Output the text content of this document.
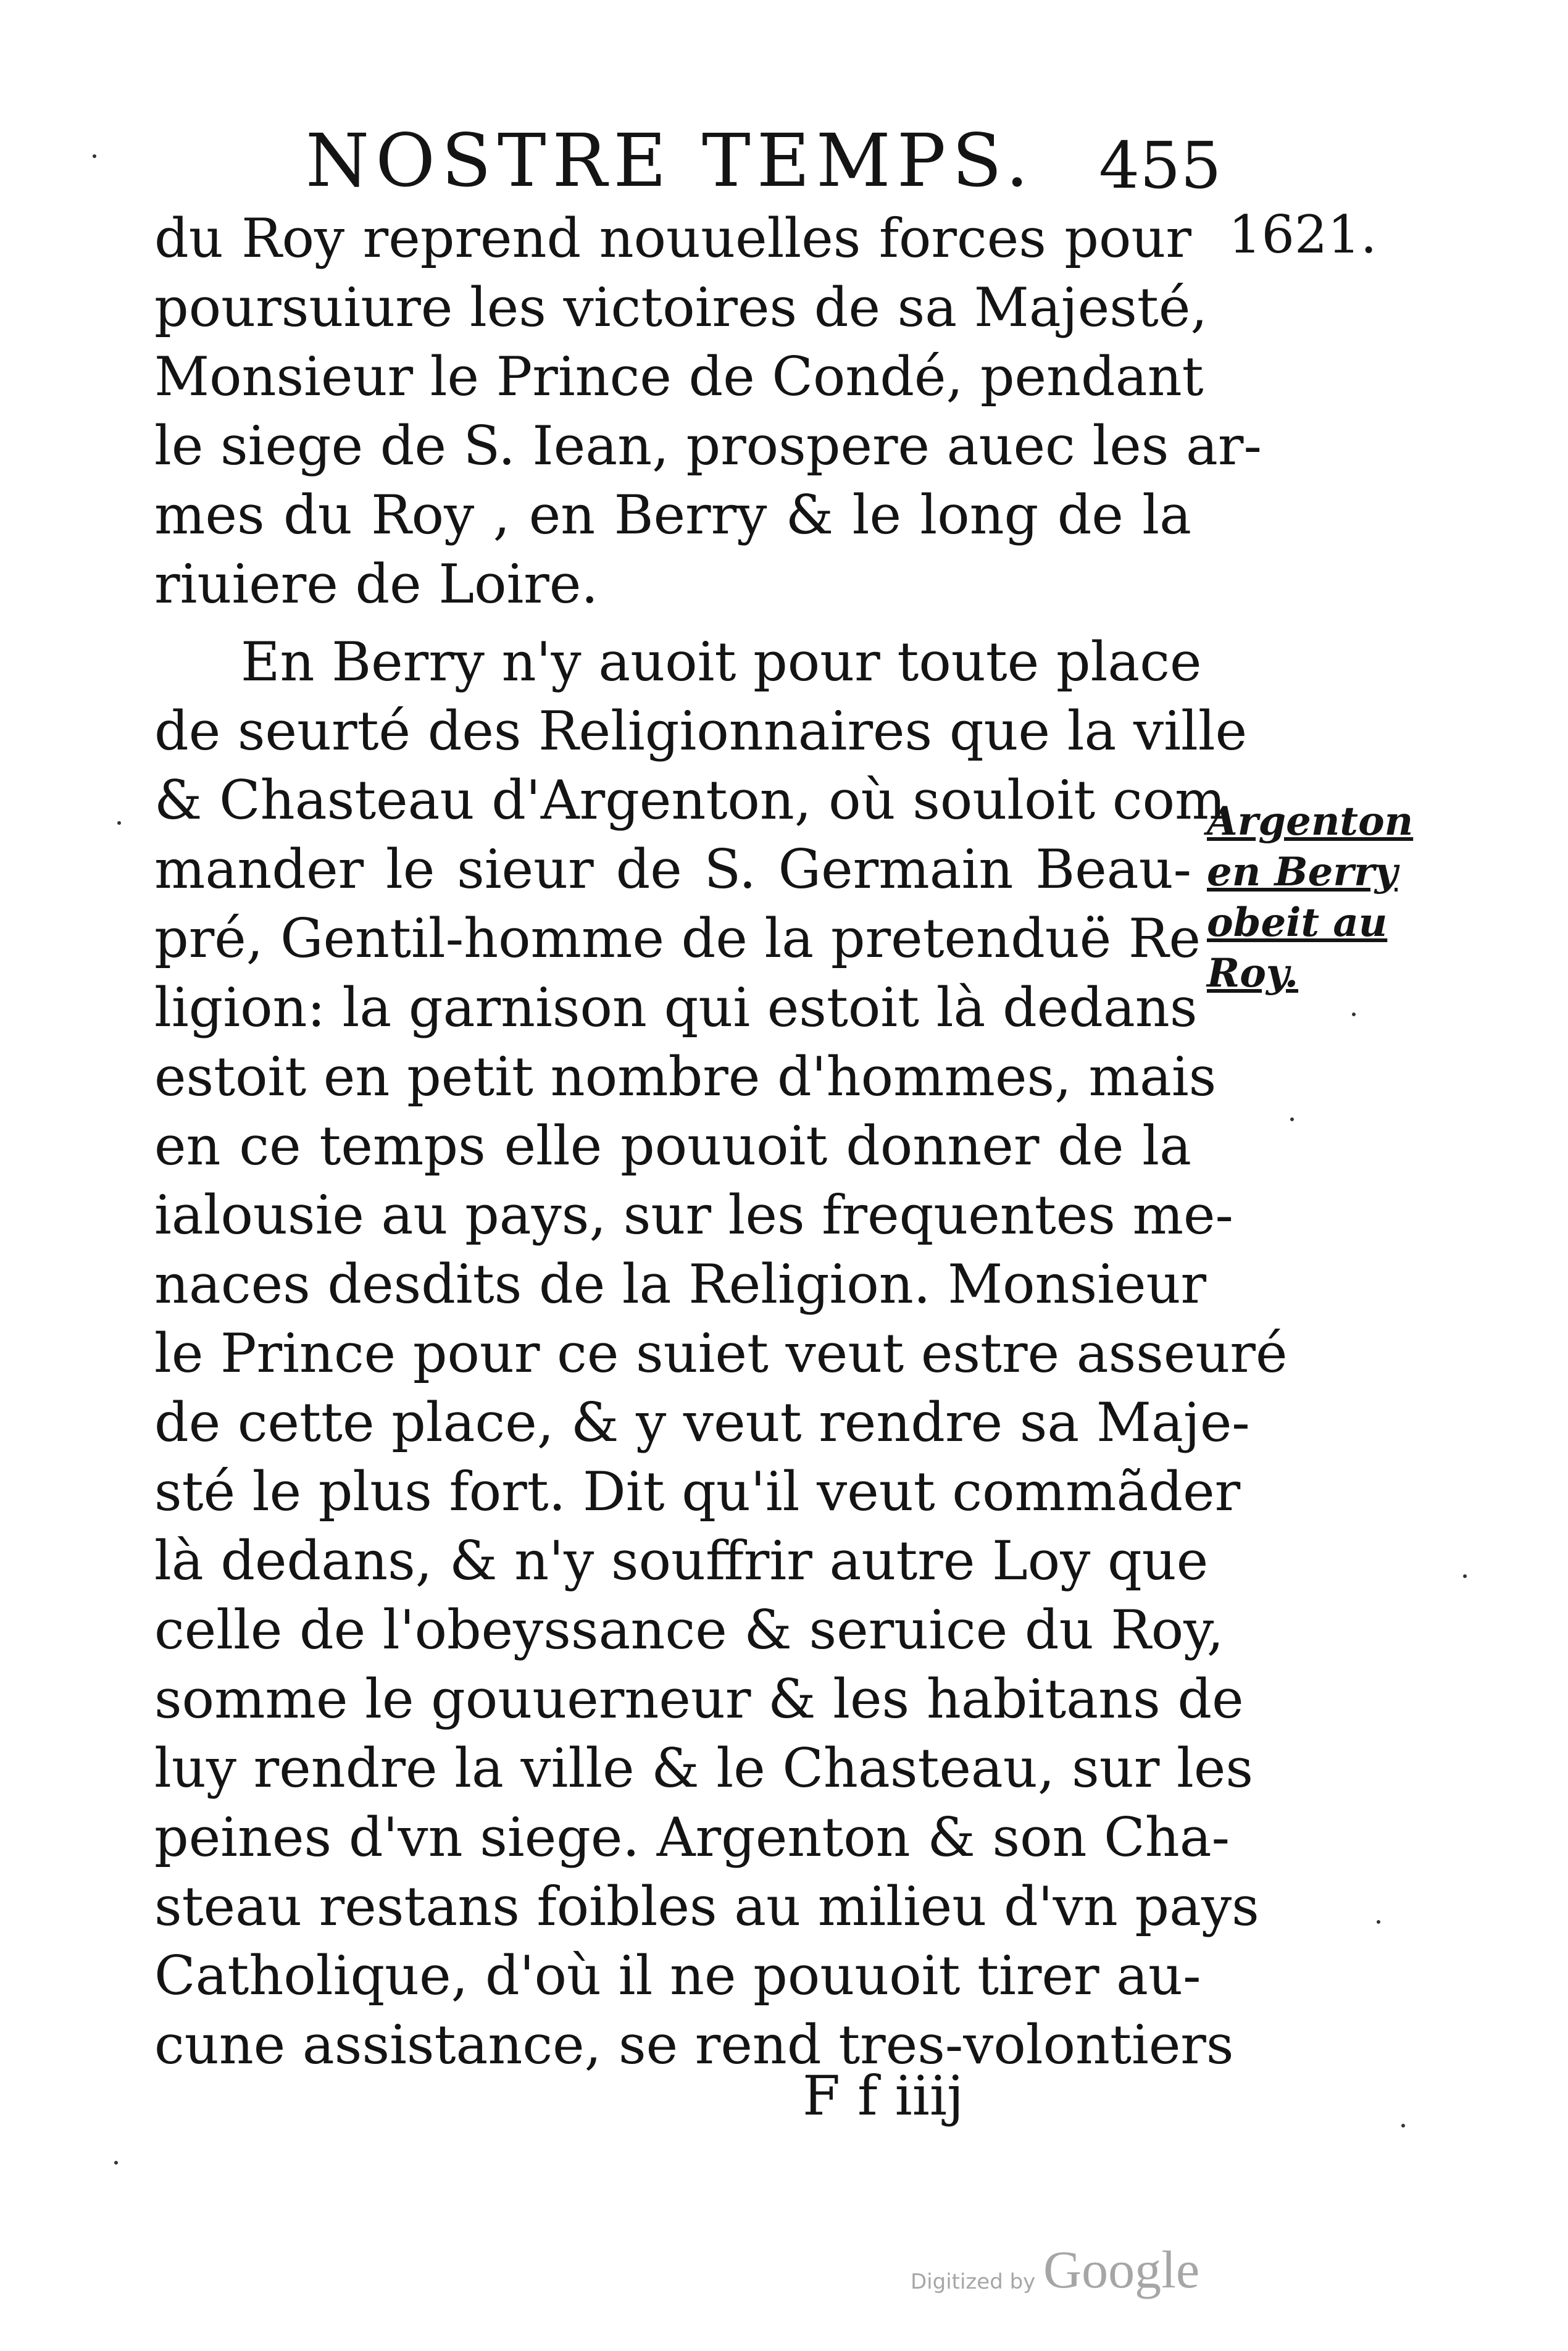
NOSTRE TEMPS. 455
1621.
du Roy reprend nouuelles forces pour
poursuiure les victoires de sa Majesté,
Monsieur le Prince de Condé, pendant
le siege de S. Iean, prospere auec les ar-
mes du Roy , en Berry & le long de la
riuiere de Loire.
En Berry n'y auoit pour toute place
de seurté des Religionnaires que la ville
& Chasteau d'Argenton, où souloit com
mander le sieur de S. Germain Beau-
pré, Gentil-homme de la pretenduë Re
ligion: la garnison qui estoit là dedans
estoit en petit nombre d'hommes, mais
en ce temps elle pouuoit donner de la
ialousie au pays, sur les frequentes me-
naces desdits de la Religion. Monsieur
le Prince pour ce suiet veut estre asseuré
de cette place, & y veut rendre sa Maje-
sté le plus fort. Dit qu'il veut commãder
là dedans, & n'y souffrir autre Loy que
celle de l'obeyssance & seruice du Roy,
somme le gouuerneur & les habitans de
luy rendre la ville & le Chasteau, sur les
peines d'vn siege. Argenton & son Cha-
steau restans foibles au milieu d'vn pays
Catholique, d'où il ne pouuoit tirer au-
cune assistance, se rend tres-volontiers
Argenton
en Berry
obeit au
Roy.
F f iiij
Digitized by Google
